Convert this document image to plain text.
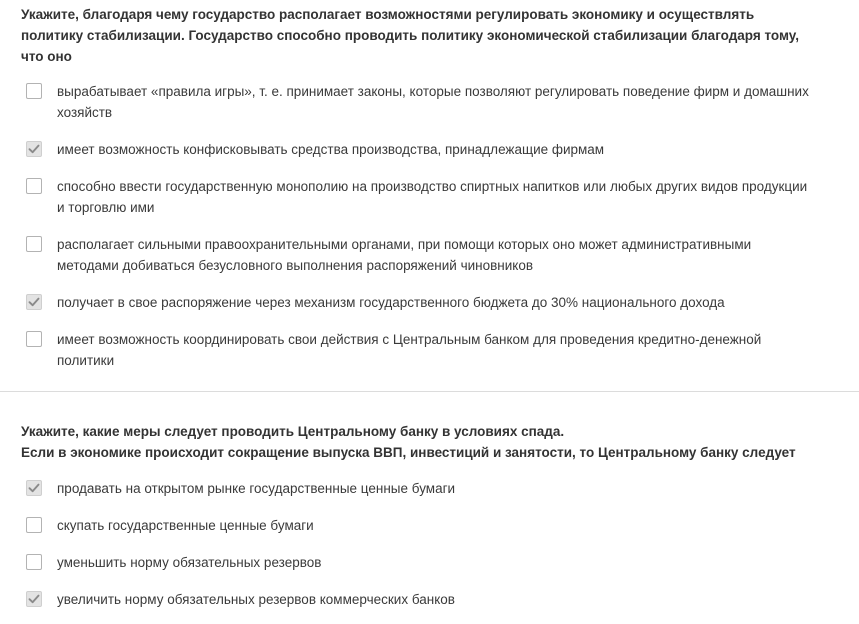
Укажите, благодаря чему государство располагает возможностями регулировать экономику и осуществлять
политику стабилизации. Государство способно проводить политику экономической стабилизации благодаря тому,
что оно
вырабатывает «правила игры», т. е. принимает законы, которые позволяют регулировать поведение фирм и домашних
хозяйств
имеет возможность конфисковывать средства производства, принадлежащие фирмам
способно ввести государственную монополию на производство спиртных напитков или любых других видов продукции
и торговлю ими
располагает сильными правоохранительными органами, при помощи которых оно может административными
методами добиваться безусловного выполнения распоряжений чиновников
получает в свое распоряжение через механизм государственного бюджета до 30% национального дохода
имеет возможность координировать свои действия с Центральным банком для проведения кредитно-денежной
политики
Укажите, какие меры следует проводить Центральному банку в условиях спада.
Если в экономике происходит сокращение выпуска ВВП, инвестиций и занятости, то Центральному банку следует
продавать на открытом рынке государственные ценные бумаги
скупать государственные ценные бумаги
уменьшить норму обязательных резервов
увеличить норму обязательных резервов коммерческих банков
